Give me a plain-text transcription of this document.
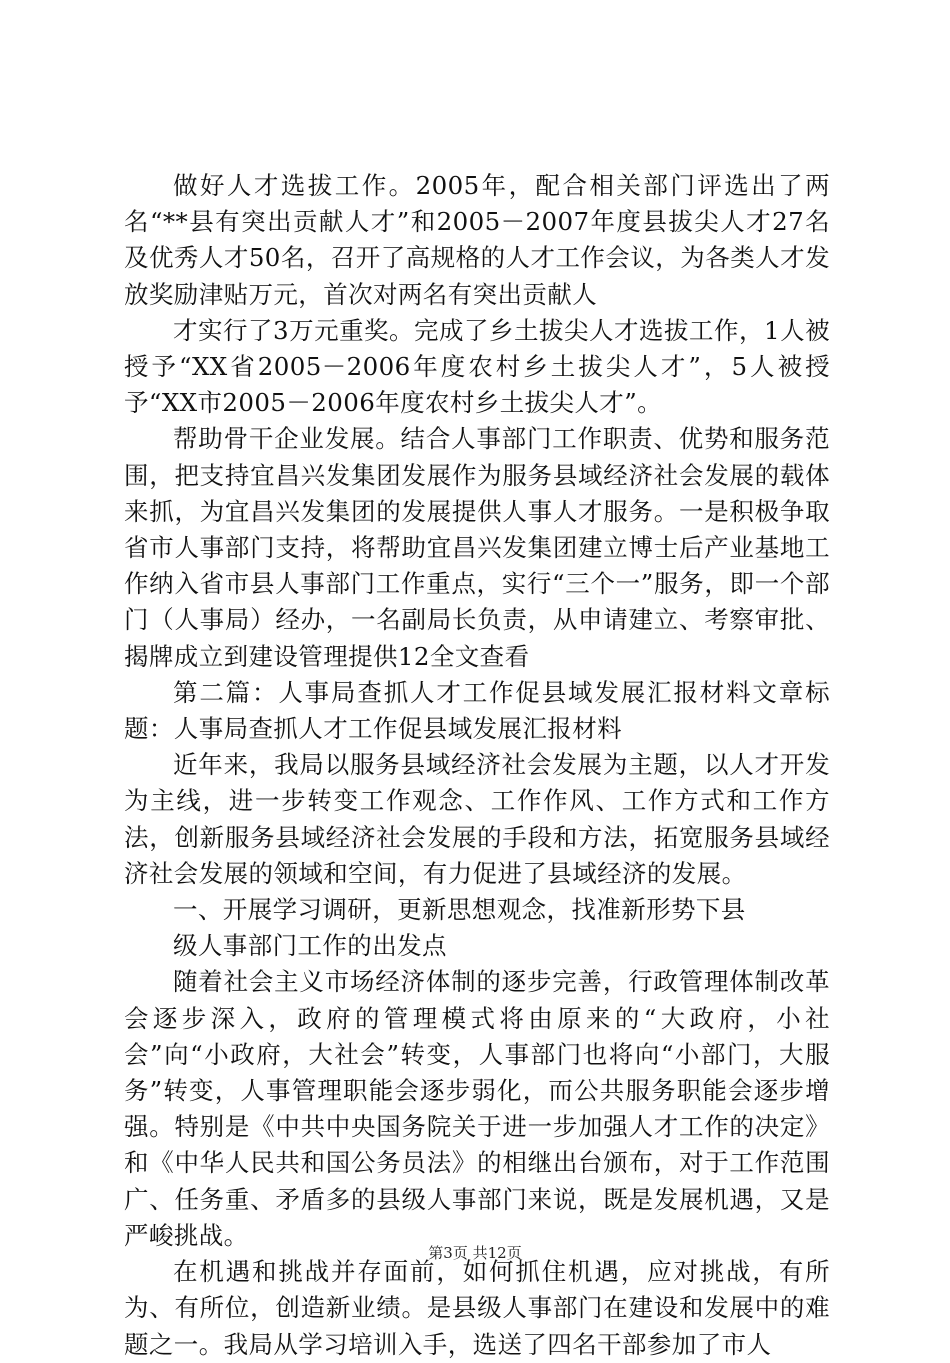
做好人才选拔工作。2005年，配合相关部门评选出了两名“**县有突出贡献人才”和2005－2007年度县拔尖人才27名及优秀人才50名，召开了高规格的人才工作会议，为各类人才发放奖励津贴万元，首次对两名有突出贡献人

才实行了3万元重奖。完成了乡土拔尖人才选拔工作，1人被授予“XX省2005－2006年度农村乡土拔尖人才”，5人被授予“XX市2005－2006年度农村乡土拔尖人才”。

帮助骨干企业发展。结合人事部门工作职责、优势和服务范围，把支持宜昌兴发集团发展作为服务县域经济社会发展的载体来抓，为宜昌兴发集团的发展提供人事人才服务。一是积极争取省市人事部门支持，将帮助宜昌兴发集团建立博士后产业基地工作纳入省市县人事部门工作重点，实行“三个一”服务，即一个部门（人事局）经办，一名副局长负责，从申请建立、考察审批、揭牌成立到建设管理提供12全文查看

第二篇：人事局查抓人才工作促县域发展汇报材料文章标题：人事局查抓人才工作促县域发展汇报材料

近年来，我局以服务县域经济社会发展为主题，以人才开发为主线，进一步转变工作观念、工作作风、工作方式和工作方法，创新服务县域经济社会发展的手段和方法，拓宽服务县域经济社会发展的领域和空间，有力促进了县域经济的发展。

一、开展学习调研，更新思想观念，找准新形势下县

级人事部门工作的出发点

随着社会主义市场经济体制的逐步完善，行政管理体制改革会逐步深入，政府的管理模式将由原来的“大政府，小社会”向“小政府，大社会”转变，人事部门也将向“小部门，大服务”转变，人事管理职能会逐步弱化，而公共服务职能会逐步增强。特别是《中共中央国务院关于进一步加强人才工作的决定》和《中华人民共和国公务员法》的相继出台颁布，对于工作范围广、任务重、矛盾多的县级人事部门来说，既是发展机遇，又是严峻挑战。

在机遇和挑战并存面前，如何抓住机遇，应对挑战，有所为、有所位，创造新业绩。是县级人事部门在建设和发展中的难题之一。我局从学习培训入手，选送了四名干部参加了市人

第3页 共12页
